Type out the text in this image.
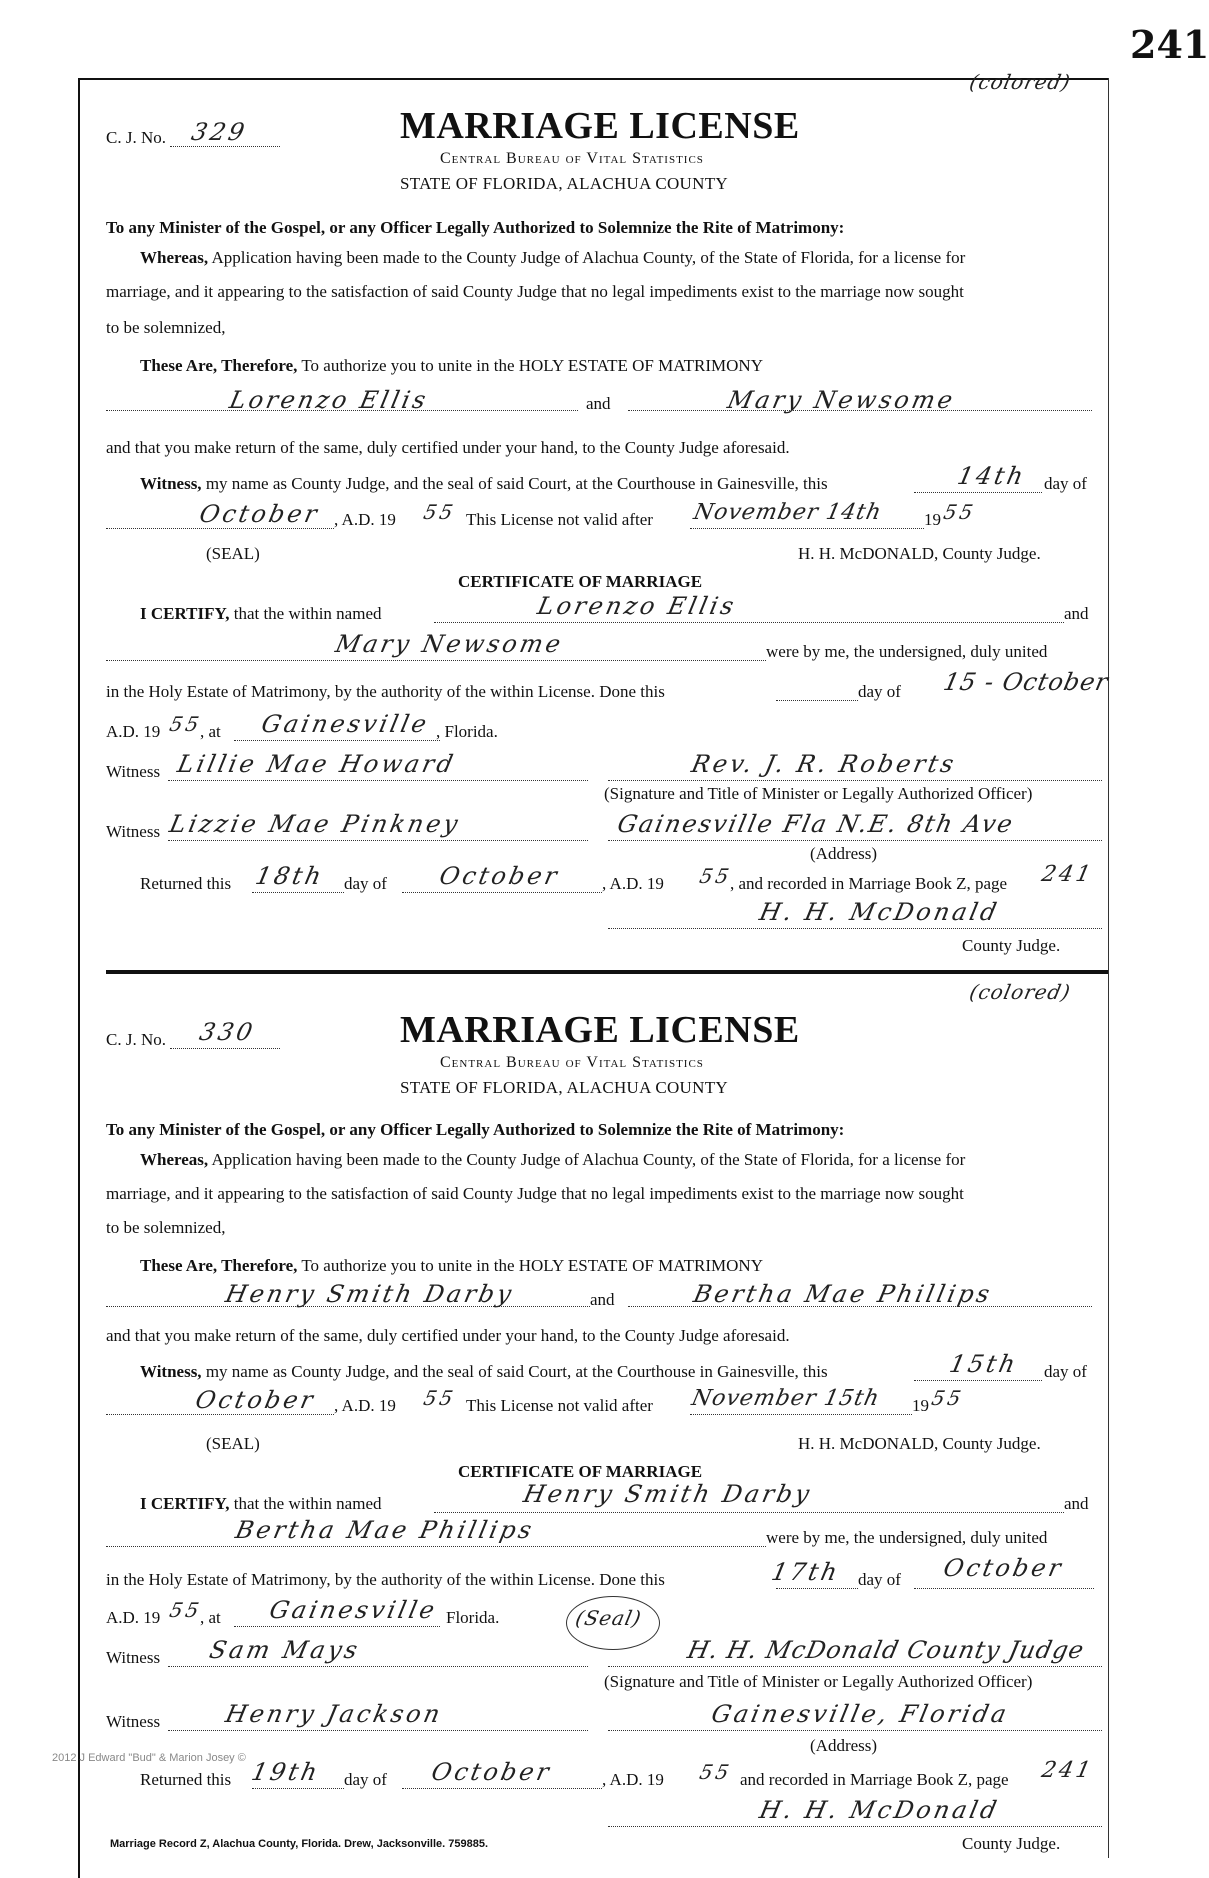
241
(colored)
C. J. No. 329	MARRIAGE LICENSE
Central Bureau of Vital Statistics
STATE OF FLORIDA, ALACHUA COUNTY
To any Minister of the Gospel, or any Officer Legally Authorized to Solemnize the Rite of Matrimony:
Whereas, Application having been made to the County Judge of Alachua County, of the State of Florida, for a license for
marriage, and it appearing to the satisfaction of said County Judge that no legal impediments exist to the marriage now sought
to be solemnized,
These Are, Therefore, To authorize you to unite in the HOLY ESTATE OF MATRIMONY
Lorenzo Ellis	and	Mary Newsome
and that you make return of the same, duly certified under your hand, to the County Judge aforesaid.
Witness, my name as County Judge, and the seal of said Court, at the Courthouse in Gainesville, this	14th day of
October , A.D. 19 55 This License not valid after November 14th 19 55
(SEAL)	H. H. McDONALD, County Judge.
CERTIFICATE OF MARRIAGE
I CERTIFY, that the within named	Lorenzo Ellis	and
Mary Newsome	were by me, the undersigned, duly united
in the Holy Estate of Matrimony, by the authority of the within License. Done this	day of 15 - October
A.D. 19 55
, at Gainesville , Florida.
Witness Lillie Mae Howard	Rev. J. R. Roberts
(Signature and Title of Minister or Legally Authorized Officer)
Witness Lizzie Mae Pinkney	Gainesville Fla N.E. 8th Ave
(Address)
Returned this 18th day of October , A.D. 19 55
, and recorded in Marriage Book Z, page 241
H. H. McDonald
County Judge.
(colored)
C. J. No. 330	MARRIAGE LICENSE
Central Bureau of Vital Statistics
STATE OF FLORIDA, ALACHUA COUNTY
To any Minister of the Gospel, or any Officer Legally Authorized to Solemnize the Rite of Matrimony:
Whereas, Application having been made to the County Judge of Alachua County, of the State of Florida, for a license for
marriage, and it appearing to the satisfaction of said County Judge that no legal impediments exist to the marriage now sought
to be solemnized,
These Are, Therefore, To authorize you to unite in the HOLY ESTATE OF MATRIMONY
Henry Smith Darby	and	Bertha Mae Phillips
and that you make return of the same, duly certified under your hand, to the County Judge aforesaid.
Witness, my name as County Judge, and the seal of said Court, at the Courthouse in Gainesville, this	15th day of
October , A.D. 19 55 This License not valid after November 15th 19 55
(SEAL)	H. H. McDONALD, County Judge.
CERTIFICATE OF MARRIAGE
I CERTIFY, that the within named	Henry Smith Darby	and
Bertha Mae Phillips	were by me, the undersigned, duly united
in the Holy Estate of Matrimony, by the authority of the within License. Done this	17th day of October
A.D. 19 55
, at Gainesville Florida.	(Seal)
Witness Sam Mays	H. H. McDonald County Judge
(Signature and Title of Minister or Legally Authorized Officer)
Witness	Henry Jackson	Gainesville, Florida
(Address)
Returned this 19th day of October	, A.D. 19 55 and recorded in Marriage Book Z, page 241
H. H. McDonald
County Judge.
2012 J Edward "Bud" & Marion Josey ©
Marriage Record Z, Alachua County, Florida. Drew, Jacksonville. 759885.
